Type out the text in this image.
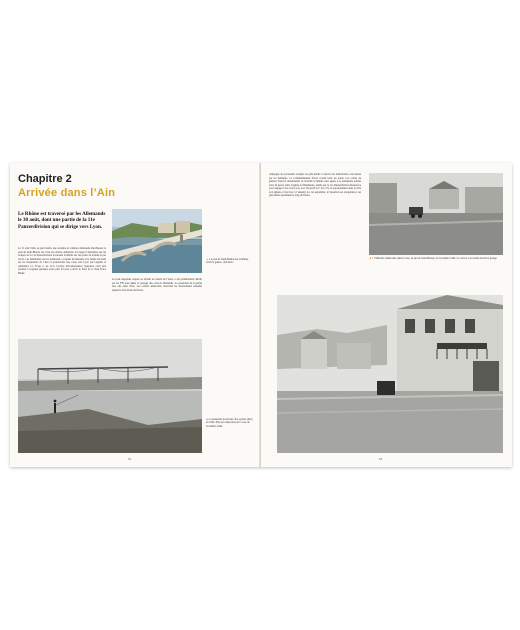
Chapitre 2
Arrivée dans l’Ain
Le Rhône est traversé par les Allemands le 30 août, dont une partie de la 11e Panzerdivision qui se dirige vers Lyon.
▲ Le pont de Sault-Brénaz sur le Rhône avant la guerre, côté Isère.
Le 31 août 1944, au petit matin, une centaine de camions allemands franchissent le pont de Sault-Brénaz sur l’axe Les Abrets–Ambérieu. Un rapport détermine que les troupes de la 11e Panzerdivision traversent le Rhône sur des ponts de fortune et par le bac. Les Allemands, encore nombreux, occupent les hauteurs et la vallée. Ils tirent sur les maquisards de l’Ain et poursuivent leur route vers Lyon par Lagnieu et Ambérieu. La Troop C du 117e Cavalry Reconnaissance Squadron avait pris position à Lagnieu quelques jours plus tôt pour couvrir le flanc de la Task Force Butler.
Le pont suspendu, auquel on aboutit en venant de l’Isère, a été partiellement détruit par les FFI pour gêner le passage des convois allemands. La passerelle de Loyettes sera elle aussi visée. Les soldats américains observent les mouvements ennemis depuis la rive droite du fleuve.
◀ La passerelle provisoire de Loyettes (Ain) en 1944. Elle sera emportée par la crue de novembre 1944.
54
campagne de protestants stoïques au petit matin. L’arrivée des Américains a été saluée par les habitants. Le Commandement Wood voulait tenir les ponts. Les ordres du général Truscott interdisaient de franchir le Rhône sans appui. Les Allemands tentent alors de percer entre Lagnieu et Meximieux, tandis que la 11e Panzerdivision manœuvre pour dégager l’axe vers Lyon. Les Troops B et C du 117e se repositionnent dans la ville de Lagnieu et font face à l’ennemi. Le 1er septembre, le Squadron est réorganisé et les patrouilles reprennent le long du fleuve.
◀▼ Véhicules américains dans la crue, au sud de Sault-Brénaz, en novembre 1944. Le convoi s’est arrêté devant le garage.
55
